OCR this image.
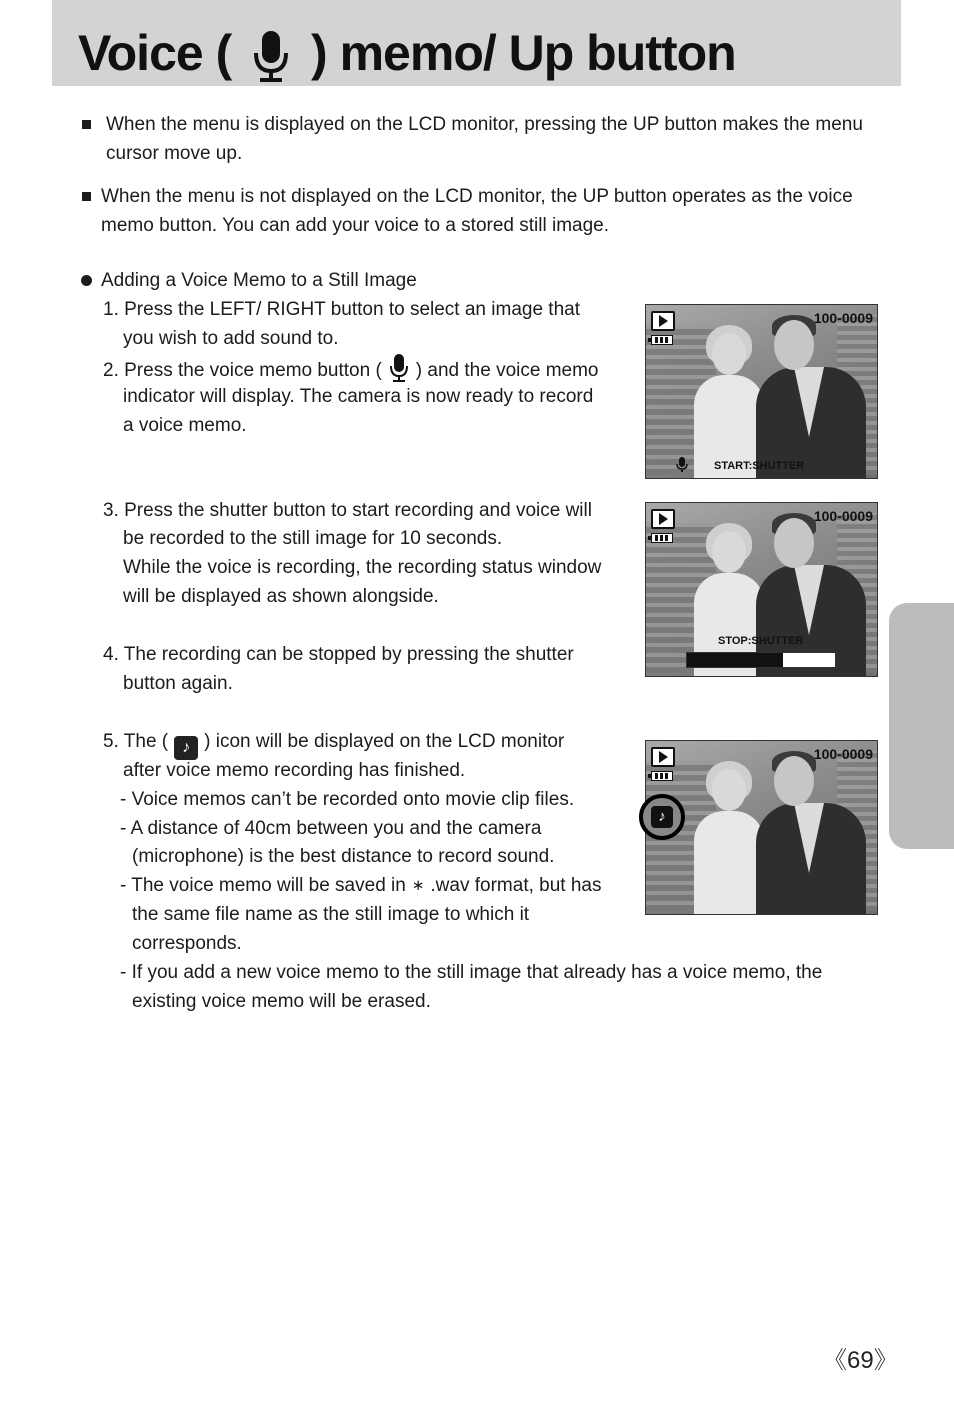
Voice ( ) memo/ Up button
When the menu is displayed on the LCD monitor, pressing the UP button makes the menu
cursor move up.
When the menu is not displayed on the LCD monitor, the UP button operates as the voice
memo button. You can add your voice to a stored still image.
Adding a Voice Memo to a Still Image
1. Press the LEFT/ RIGHT button to select an image that
you wish to add sound to.
2. Press the voice memo button ( ) and the voice memo
indicator will display. The camera is now ready to record
a voice memo.
3. Press the shutter button to start recording and voice will
be recorded to the still image for 10 seconds.
While the voice is recording, the recording status window
will be displayed as shown alongside.
4. The recording can be stopped by pressing the shutter
button again.
5. The ( ♪ ) icon will be displayed on the LCD monitor
after voice memo recording has finished.
- Voice memos can’t be recorded onto movie clip files.
- A distance of 40cm between you and the camera
(microphone) is the best distance to record sound.
- The voice memo will be saved in ∗ .wav format, but has
the same file name as the still image to which it
corresponds.
- If you add a new voice memo to the still image that already has a voice memo, the
existing voice memo will be erased.
100-0009
START:SHUTTER
100-0009
STOP:SHUTTER
100-0009
♪
《69》
